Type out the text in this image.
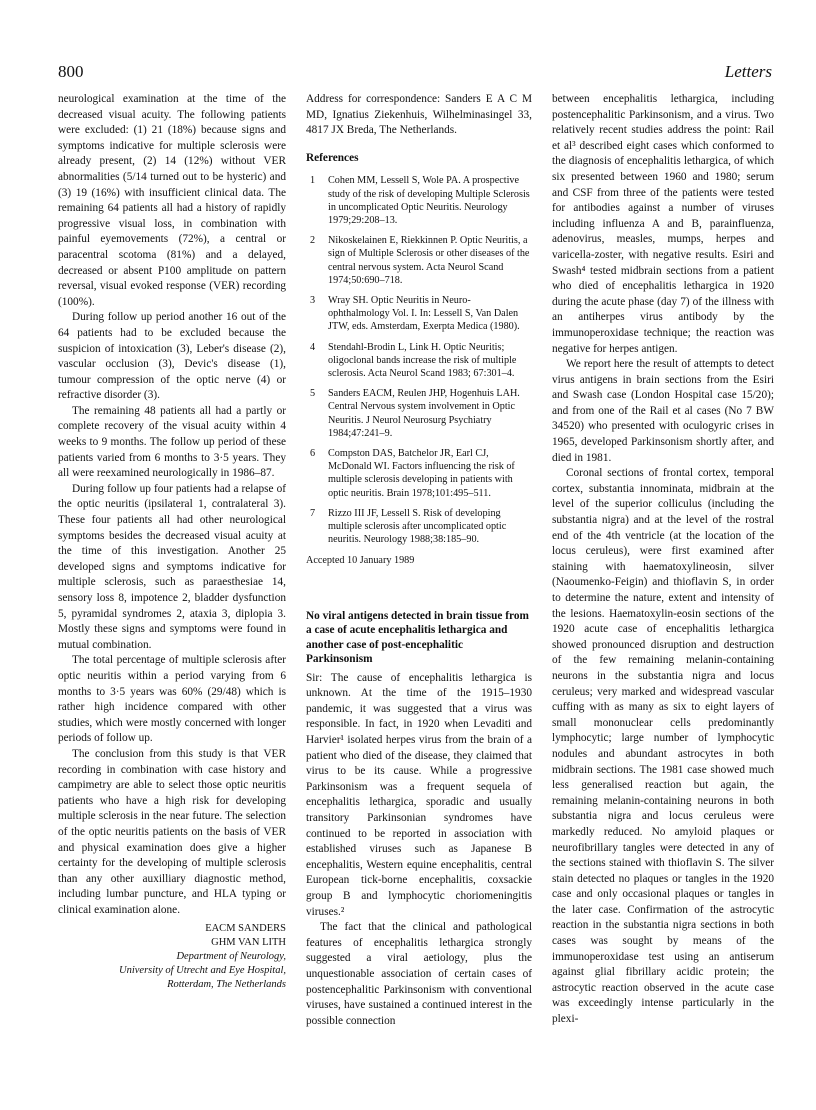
800	Letters

neurological examination at the time of the decreased visual acuity. The following patients were excluded: (1) 21 (18%) because signs and symptoms indicative for multiple sclerosis were already present, (2) 14 (12%) without VER abnormalities (5/14 turned out to be hysteric) and (3) 19 (16%) with insufficient clinical data. The remaining 64 patients all had a history of rapidly progressive visual loss, in combination with painful eyemovements (72%), a central or paracentral scotoma (81%) and a delayed, decreased or absent P100 amplitude on pattern reversal, visual evoked response (VER) recording (100%).

During follow up period another 16 out of the 64 patients had to be excluded because the suspicion of intoxication (3), Leber's disease (2), vascular occlusion (3), Devic's disease (1), tumour compression of the optic nerve (4) or refractive disorder (3).

The remaining 48 patients all had a partly or complete recovery of the visual acuity within 4 weeks to 9 months. The follow up period of these patients varied from 6 months to 3·5 years. They all were reexamined neurologically in 1986–87.

During follow up four patients had a relapse of the optic neuritis (ipsilateral 1, contralateral 3). These four patients all had other neurological symptoms besides the decreased visual acuity at the time of this investigation. Another 25 developed signs and symptoms indicative for multiple sclerosis, such as paraesthesiae 14, sensory loss 8, impotence 2, bladder dysfunction 5, pyramidal syndromes 2, ataxia 3, diplopia 3. Mostly these signs and symptoms were found in mutual combination.

The total percentage of multiple sclerosis after optic neuritis within a period varying from 6 months to 3·5 years was 60% (29/48) which is rather high incidence compared with other studies, which were mostly concerned with longer periods of follow up.

The conclusion from this study is that VER recording in combination with case history and campimetry are able to select those optic neuritis patients who have a high risk for developing multiple sclerosis in the near future. The selection of the optic neuritis patients on the basis of VER and physical examination does give a higher certainty for the developing of multiple sclerosis than any other auxilliary diagnostic method, including lumbar puncture, and HLA typing or clinical examination alone.

EACM SANDERS
GHM VAN LITH
Department of Neurology,
University of Utrecht and Eye Hospital,
Rotterdam, The Netherlands

Address for correspondence: Sanders E A C M MD, Ignatius Ziekenhuis, Wilhelminasingel 33, 4817 JX Breda, The Netherlands.

References
1 Cohen MM, Lessell S, Wole PA. A prospective study of the risk of developing Multiple Sclerosis in uncomplicated Optic Neuritis. Neurology 1979;29:208–13.
2 Nikoskelainen E, Riekkinnen P. Optic Neuritis, a sign of Multiple Sclerosis or other diseases of the central nervous system. Acta Neurol Scand 1974;50:690–718.
3 Wray SH. Optic Neuritis in Neuro-ophthalmology Vol. I. In: Lessell S, Van Dalen JTW, eds. Amsterdam, Exerpta Medica (1980).
4 Stendahl-Brodin L, Link H. Optic Neuritis; oligoclonal bands increase the risk of multiple sclerosis. Acta Neurol Scand 1983; 67:301–4.
5 Sanders EACM, Reulen JHP, Hogenhuis LAH. Central Nervous system involvement in Optic Neuritis. J Neurol Neurosurg Psychiatry 1984;47:241–9.
6 Compston DAS, Batchelor JR, Earl CJ, McDonald WI. Factors influencing the risk of multiple sclerosis developing in patients with optic neuritis. Brain 1978;101:495–511.
7 Rizzo III JF, Lessell S. Risk of developing multiple sclerosis after uncomplicated optic neuritis. Neurology 1988;38:185–90.

Accepted 10 January 1989

No viral antigens detected in brain tissue from a case of acute encephalitis lethargica and another case of post-encephalitic Parkinsonism

Sir: The cause of encephalitis lethargica is unknown. At the time of the 1915–1930 pandemic, it was suggested that a virus was responsible. In fact, in 1920 when Levaditi and Harvier¹ isolated herpes virus from the brain of a patient who died of the disease, they claimed that virus to be its cause. While a progressive Parkinsonism was a frequent sequela of encephalitis lethargica, sporadic and usually transitory Parkinsonian syndromes have continued to be reported in association with established viruses such as Japanese B encephalitis, Western equine encephalitis, central European tick-borne encephalitis, coxsackie group B and lymphocytic choriomeningitis viruses.²

The fact that the clinical and pathological features of encephalitis lethargica strongly suggested a viral aetiology, plus the unquestionable association of certain cases of postencephalitic Parkinsonism with conventional viruses, have sustained a continued interest in the possible connection

between encephalitis lethargica, including postencephalitic Parkinsonism, and a virus. Two relatively recent studies address the point: Rail et al³ described eight cases which conformed to the diagnosis of encephalitis lethargica, of which six presented between 1960 and 1980; serum and CSF from three of the patients were tested for antibodies against a number of viruses including influenza A and B, parainfluenza, adenovirus, measles, mumps, herpes and varicella-zoster, with negative results. Esiri and Swash⁴ tested midbrain sections from a patient who died of encephalitis lethargica in 1920 during the acute phase (day 7) of the illness with an antiherpes virus antibody by the immunoperoxidase technique; the reaction was negative for herpes antigen.

We report here the result of attempts to detect virus antigens in brain sections from the Esiri and Swash case (London Hospital case 15/20); and from one of the Rail et al cases (No 7 BW 34520) who presented with oculogyric crises in 1965, developed Parkinsonism shortly after, and died in 1981.

Coronal sections of frontal cortex, temporal cortex, substantia innominata, midbrain at the level of the superior colliculus (including the substantia nigra) and at the level of the rostral end of the 4th ventricle (at the location of the locus ceruleus), were first examined after staining with haematoxylineosin, silver (Naoumenko-Feigin) and thioflavin S, in order to determine the nature, extent and intensity of the lesions. Haematoxylin-eosin sections of the 1920 acute case of encephalitis lethargica showed pronounced disruption and destruction of the few remaining melanin-containing neurons in the substantia nigra and locus ceruleus; very marked and widespread vascular cuffing with as many as six to eight layers of small mononuclear cells predominantly lymphocytic; large number of lymphocytic nodules and abundant astrocytes in both midbrain sections. The 1981 case showed much less generalised reaction but again, the remaining melanin-containing neurons in both substantia nigra and locus ceruleus were markedly reduced. No amyloid plaques or neurofibrillary tangles were detected in any of the sections stained with thioflavin S. The silver stain detected no plaques or tangles in the 1920 case and only occasional plaques or tangles in the later case. Confirmation of the astrocytic reaction in the substantia nigra sections in both cases was sought by means of the immunoperoxidase test using an antiserum against glial fibrillary acidic protein; the astrocytic reaction observed in the acute case was exceedingly intense particularly in the plexi-
